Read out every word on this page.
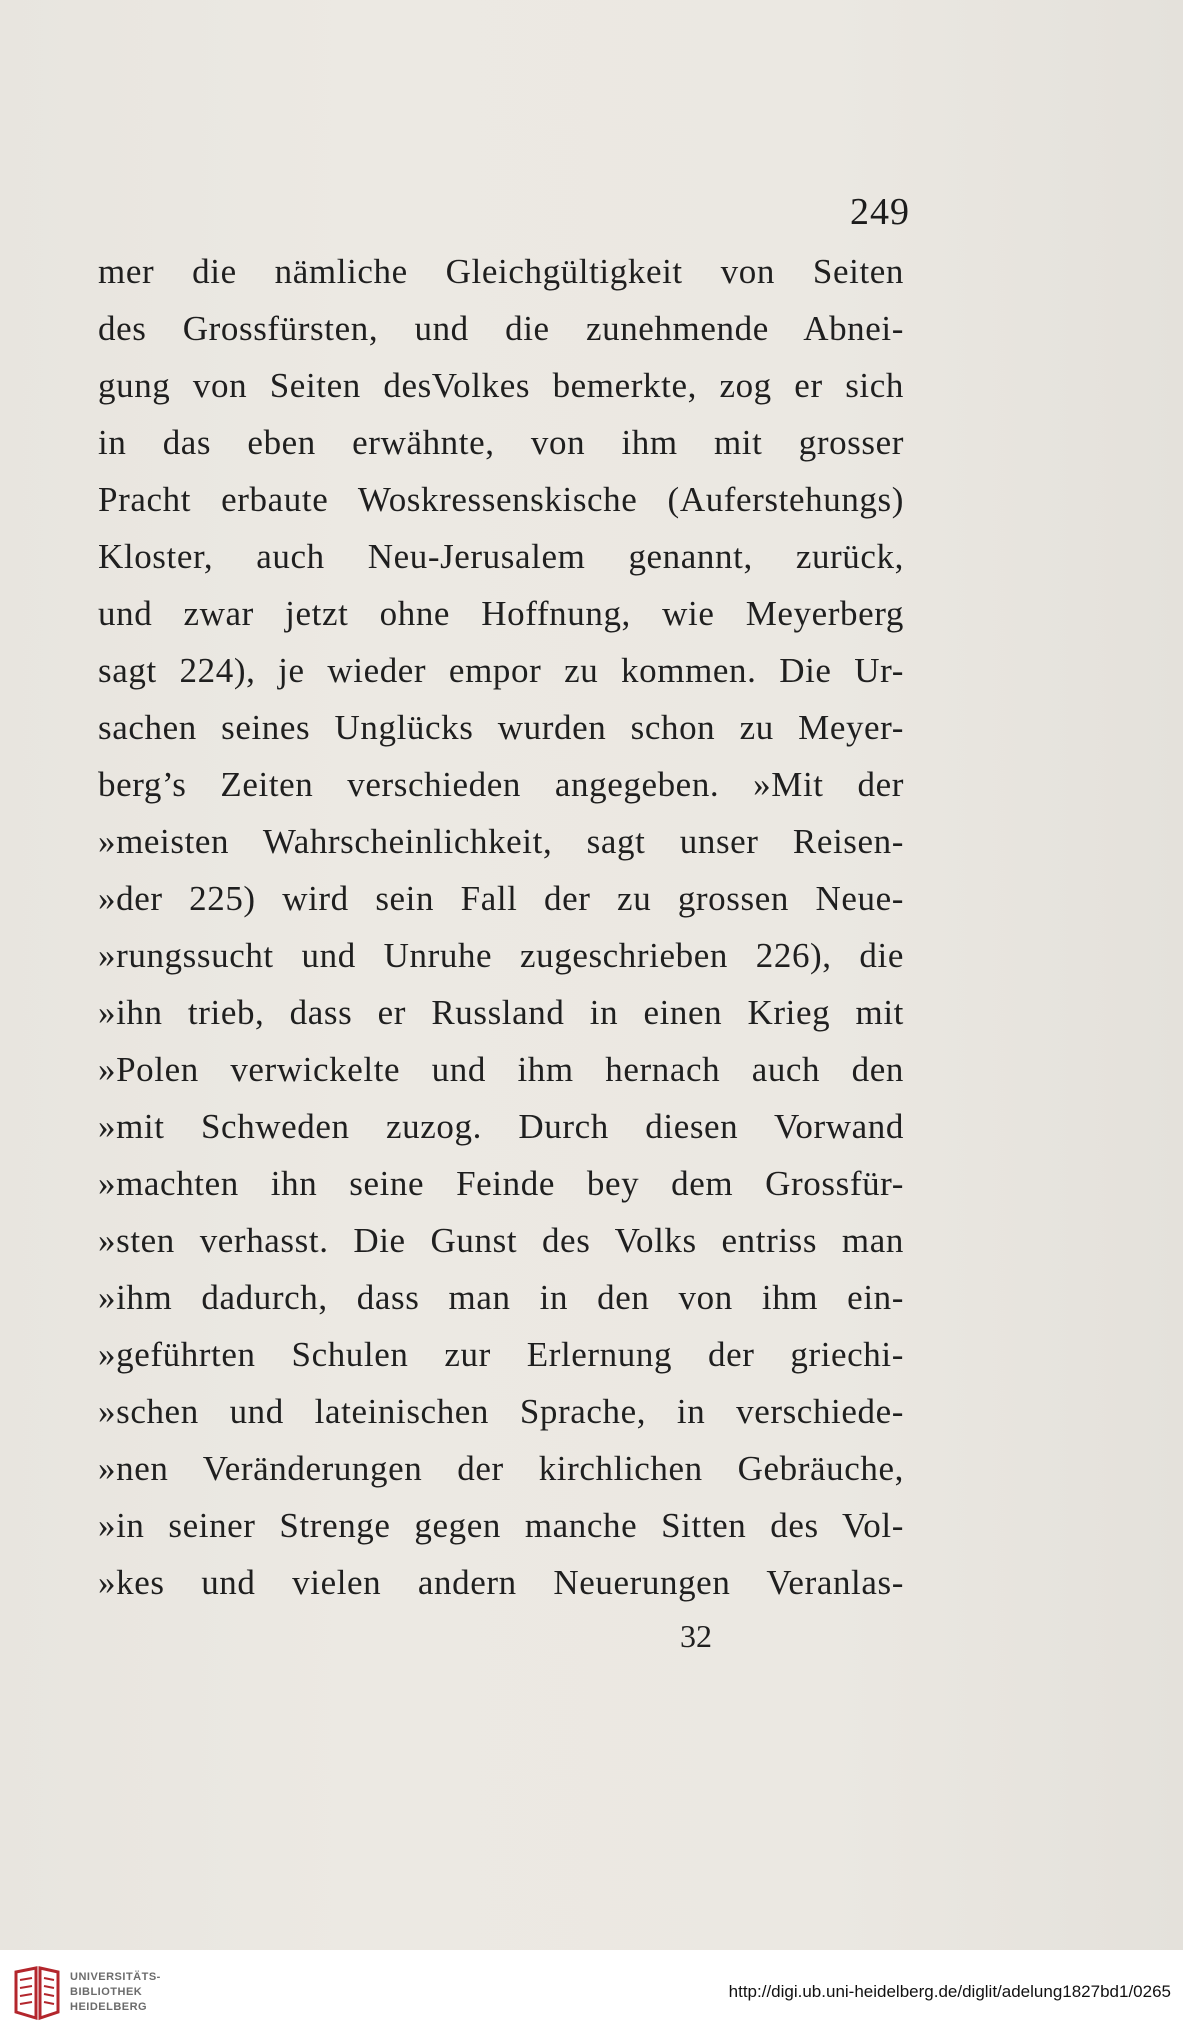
249
mer die nämliche Gleichgültigkeit von Seiten
des Grossfürsten, und die zunehmende Abnei-
gung von Seiten desVolkes bemerkte, zog er sich
in das eben erwähnte, von ihm mit grosser
Pracht erbaute Woskressenskische (Auferstehungs)
Kloster, auch Neu-Jerusalem genannt, zurück,
und zwar jetzt ohne Hoffnung, wie Meyerberg
sagt 224), je wieder empor zu kommen. Die Ur-
sachen seines Unglücks wurden schon zu Meyer-
berg’s Zeiten verschieden angegeben. »Mit der
»meisten Wahrscheinlichkeit, sagt unser Reisen-
»der 225) wird sein Fall der zu grossen Neue-
»rungssucht und Unruhe zugeschrieben 226), die
»ihn trieb, dass er Russland in einen Krieg mit
»Polen verwickelte und ihm hernach auch den
»mit Schweden zuzog. Durch diesen Vorwand
»machten ihn seine Feinde bey dem Grossfür-
»sten verhasst. Die Gunst des Volks entriss man
»ihm dadurch, dass man in den von ihm ein-
»geführten Schulen zur Erlernung der griechi-
»schen und lateinischen Sprache, in verschiede-
»nen Veränderungen der kirchlichen Gebräuche,
»in seiner Strenge gegen manche Sitten des Vol-
»kes und vielen andern Neuerungen Veranlas-
32
UNIVERSITÄTS-
BIBLIOTHEK
HEIDELBERG
http://digi.ub.uni-heidelberg.de/diglit/adelung1827bd1/0265
